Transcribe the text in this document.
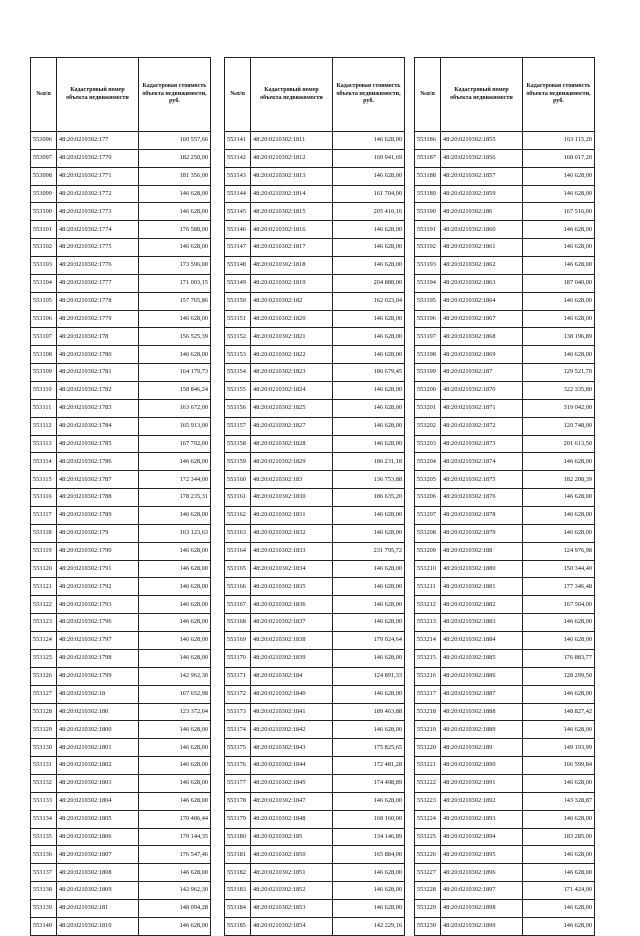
№п/п	Кадастровый номер объекта недвижимости	Кадастровая стоимость объекта недвижимости, руб.
553096	48:20:0210302:177	160 557,66
553097	48:20:0210302:1770	182 250,00
553098	48:20:0210302:1771	181 356,00
553099	48:20:0210302:1772	146 628,00
553100	48:20:0210302:1773	146 628,00
553101	48:20:0210302:1774	176 588,00
553102	48:20:0210302:1775	146 628,00
553103	48:20:0210302:1776	173 596,00
553104	48:20:0210302:1777	171 003,15
553105	48:20:0210302:1778	157 765,86
553106	48:20:0210302:1779	146 628,00
553107	48:20:0210302:178	156 525,39
553108	48:20:0210302:1780	146 628,00
553109	48:20:0210302:1781	164 179,73
553110	48:20:0210302:1782	158 846,24
553111	48:20:0210302:1783	163 672,00
553112	48:20:0210302:1784	165 913,00
553113	48:20:0210302:1785	167 792,00
553114	48:20:0210302:1786	146 628,00
553115	48:20:0210302:1787	172 344,00
553116	48:20:0210302:1788	178 235,31
553117	48:20:0210302:1789	146 628,00
553118	48:20:0210302:179	163 123,63
553119	48:20:0210302:1790	146 628,00
553120	48:20:0210302:1791	146 628,00
553121	48:20:0210302:1792	146 628,00
553122	48:20:0210302:1793	146 628,00
553123	48:20:0210302:1796	146 628,00
553124	48:20:0210302:1797	146 628,00
553125	48:20:0210302:1798	146 628,00
553126	48:20:0210302:1799	142 962,30
553127	48:20:0210302:18	167 652,98
553128	48:20:0210302:180	123 372,04
553129	48:20:0210302:1800	146 628,00
553130	48:20:0210302:1801	146 628,00
553131	48:20:0210302:1802	146 628,00
553132	48:20:0210302:1803	146 628,00
553133	48:20:0210302:1804	146 628,00
553134	48:20:0210302:1805	170 406,44
553135	48:20:0210302:1806	179 144,35
553136	48:20:0210302:1807	176 547,46
553137	48:20:0210302:1808	146 628,00
553138	48:20:0210302:1809	142 962,30
553139	48:20:0210302:181	148 094,28
553140	48:20:0210302:1810	146 628,00
№п/п	Кадастровый номер объекта недвижимости	Кадастровая стоимость объекта недвижимости, руб.
553141	48:20:0210302:1811	146 628,00
553142	48:20:0210302:1812	160 941,69
553143	48:20:0210302:1813	146 628,00
553144	48:20:0210302:1814	161 704,00
553145	48:20:0210302:1815	205 416,16
553146	48:20:0210302:1816	146 628,00
553147	48:20:0210302:1817	146 628,00
553148	48:20:0210302:1818	146 628,00
553149	48:20:0210302:1819	204 888,00
553150	48:20:0210302:182	162 023,04
553151	48:20:0210302:1820	146 628,00
553152	48:20:0210302:1821	146 628,00
553153	48:20:0210302:1822	146 628,00
553154	48:20:0210302:1823	186 679,45
553155	48:20:0210302:1824	146 628,00
553156	48:20:0210302:1825	146 628,00
553157	48:20:0210302:1827	146 628,00
553158	48:20:0210302:1828	146 628,00
553159	48:20:0210302:1829	186 231,18
553160	48:20:0210302:183	136 753,88
553161	48:20:0210302:1830	186 635,20
553162	48:20:0210302:1831	146 628,00
553163	48:20:0210302:1832	146 628,00
553164	48:20:0210302:1833	231 795,72
553165	48:20:0210302:1834	146 628,00
553166	48:20:0210302:1835	146 628,00
553167	48:20:0210302:1836	146 628,00
553168	48:20:0210302:1837	146 628,00
553169	48:20:0210302:1838	179 024,64
553170	48:20:0210302:1839	146 628,00
553171	48:20:0210302:184	124 891,33
553172	48:20:0210302:1840	146 628,00
553173	48:20:0210302:1841	189 463,88
553174	48:20:0210302:1842	146 628,00
553175	48:20:0210302:1843	175 825,65
553176	48:20:0210302:1844	172 481,28
553177	48:20:0210302:1845	174 498,89
553178	48:20:0210302:1847	146 628,00
553179	48:20:0210302:1848	168 160,00
553180	48:20:0210302:185	134 146,89
553181	48:20:0210302:1850	165 884,00
553182	48:20:0210302:1851	146 628,00
553183	48:20:0210302:1852	146 628,00
553184	48:20:0210302:1853	146 628,00
553185	48:20:0210302:1854	142 229,16
№п/п	Кадастровый номер объекта недвижимости	Кадастровая стоимость объекта недвижимости, руб.
553186	48:20:0210302:1855	163 115,20
553187	48:20:0210302:1856	168 017,20
553188	48:20:0210302:1857	146 628,00
553189	48:20:0210302:1859	146 628,00
553190	48:20:0210302:186	167 516,00
553191	48:20:0210302:1860	146 628,00
553192	48:20:0210302:1861	146 628,00
553193	48:20:0210302:1862	146 628,00
553194	48:20:0210302:1863	187 040,00
553195	48:20:0210302:1864	146 628,00
553196	48:20:0210302:1867	146 628,00
553197	48:20:0210302:1868	138 196,89
553198	48:20:0210302:1869	146 628,00
553199	48:20:0210302:187	129 521,70
553200	48:20:0210302:1870	322 335,80
553201	48:20:0210302:1871	319 042,00
553202	48:20:0210302:1872	120 748,00
553203	48:20:0210302:1873	201 613,50
553204	48:20:0210302:1874	146 628,00
553205	48:20:0210302:1875	182 208,39
553206	48:20:0210302:1876	146 628,00
553207	48:20:0210302:1878	146 628,00
553208	48:20:0210302:1879	146 628,00
553209	48:20:0210302:188	124 976,98
553210	48:20:0210302:1880	150 344,40
553211	48:20:0210302:1881	177 346,48
553212	48:20:0210302:1882	167 504,00
553213	48:20:0210302:1883	146 628,00
553214	48:20:0210302:1884	146 628,00
553215	48:20:0210302:1885	176 883,77
553216	48:20:0210302:1886	128 299,50
553217	48:20:0210302:1887	146 628,00
553218	48:20:0210302:1888	148 827,42
553219	48:20:0210302:1889	146 628,00
553220	48:20:0210302:189	149 193,99
553221	48:20:0210302:1890	166 599,84
553222	48:20:0210302:1891	146 628,00
553223	48:20:0210302:1892	143 328,87
553224	48:20:0210302:1893	146 628,00
553225	48:20:0210302:1894	183 285,00
553226	48:20:0210302:1895	146 628,00
553227	48:20:0210302:1896	146 628,00
553228	48:20:0210302:1897	171 424,00
553229	48:20:0210302:1898	146 628,00
553230	48:20:0210302:1899	146 628,00
